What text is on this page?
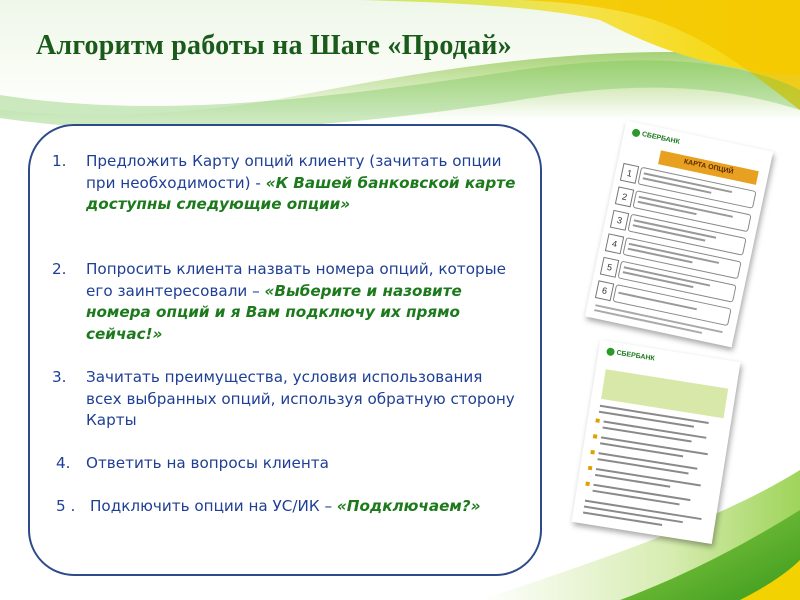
Алгоритм работы на Шаге «Продай»
1. Предложить Карту опций клиенту (зачитать опции при необходимости) - «К Вашей банковской карте доступны следующие опции»
2. Попросить клиента назвать номера опций, которые его заинтересовали – «Выберите и назовите номера опций и я Вам подключу их прямо сейчас!»
3. Зачитать преимущества, условия использования всех выбранных опций, используя обратную сторону Карты
4. Ответить на вопросы клиента
5 . Подключить опции на УС/ИК – «Подключаем?»
СБЕРБАНК
КАРТА ОПЦИЙ
1
2
3
4
5
6
СБЕРБАНК
